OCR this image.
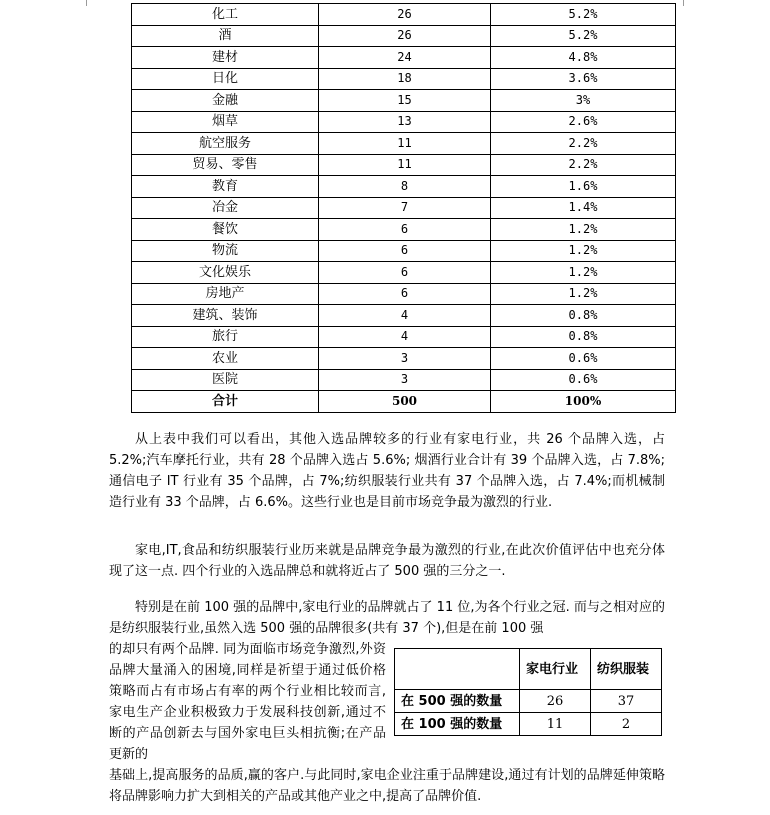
化工	26	5.2%
酒	26	5.2%
建材	24	4.8%
日化	18	3.6%
金融	15	3%
烟草	13	2.6%
航空服务	11	2.2%
贸易、零售	11	2.2%
教育	8	1.6%
冶金	7	1.4%
餐饮	6	1.2%
物流	6	1.2%
文化娱乐	6	1.2%
房地产	6	1.2%
建筑、装饰	4	0.8%
旅行	4	0.8%
农业	3	0.6%
医院	3	0.6%
合计	500	100%

从上表中我们可以看出，其他入选品牌较多的行业有家电行业，共 26 个品牌入选，占 5.2%;汽车摩托行业，共有 28 个品牌入选占 5.6%; 烟酒行业合计有 39 个品牌入选，占 7.8%;通信电子 IT 行业有 35 个品牌，占 7%;纺织服装行业共有 37 个品牌入选，占 7.4%;而机械制造行业有 33 个品牌，占 6.6%。这些行业也是目前市场竞争最为激烈的行业.

家电,IT,食品和纺织服装行业历来就是品牌竞争最为激烈的行业,在此次价值评估中也充分体现了这一点. 四个行业的入选品牌总和就将近占了 500 强的三分之一.

特别是在前 100 强的品牌中,家电行业的品牌就占了 11 位,为各个行业之冠. 而与之相对应的是纺织服装行业,虽然入选 500 强的品牌很多(共有 37 个),但是在前 100 强

的却只有两个品牌. 同为面临市场竞争激烈,外资品牌大量涌入的困境,同样是祈望于通过低价格策略而占有市场占有率的两个行业相比较而言,家电生产企业积极致力于发展科技创新,通过不断的产品创新去与国外家电巨头相抗衡;在产品更新的

	家电行业	纺织服装
在 500 强的数量	26	37
在 100 强的数量	11	2

基础上,提高服务的品质,赢的客户.与此同时,家电企业注重于品牌建设,通过有计划的品牌延伸策略将品牌影响力扩大到相关的产品或其他产业之中,提高了品牌价值.
